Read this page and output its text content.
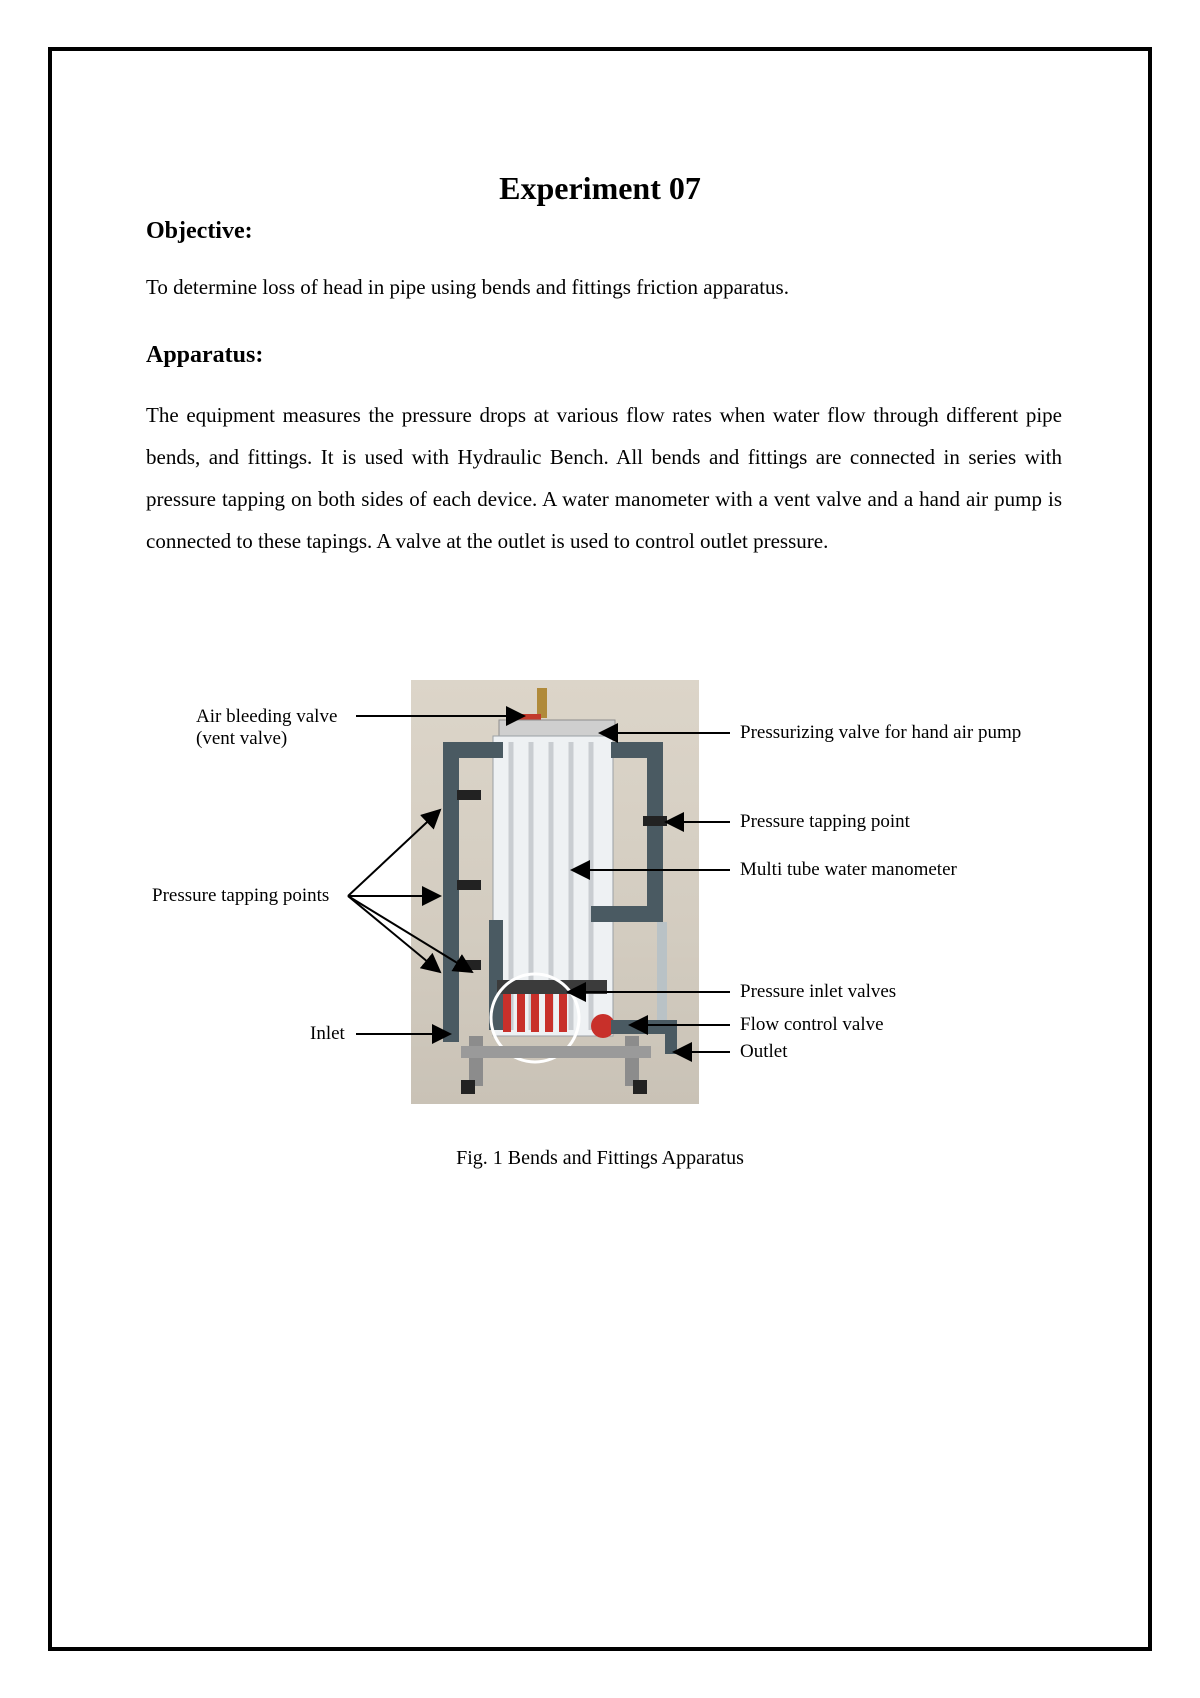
Experiment 07
Objective:
To determine loss of head in pipe using bends and fittings friction apparatus.
Apparatus:
The equipment measures the pressure drops at various flow rates when water flow through different pipe bends, and fittings. It is used with Hydraulic Bench. All bends and fittings are connected in series with pressure tapping on both sides of each device. A water manometer with a vent valve and a hand air pump is connected to these tapings. A valve at the outlet is used to control outlet pressure.
Air bleeding valve
(vent valve)
Pressure tapping points
Inlet
Pressurizing valve for hand air pump
Pressure tapping point
Multi tube water manometer
Pressure inlet valves
Flow control valve
Outlet
Fig. 1 Bends and Fittings Apparatus
